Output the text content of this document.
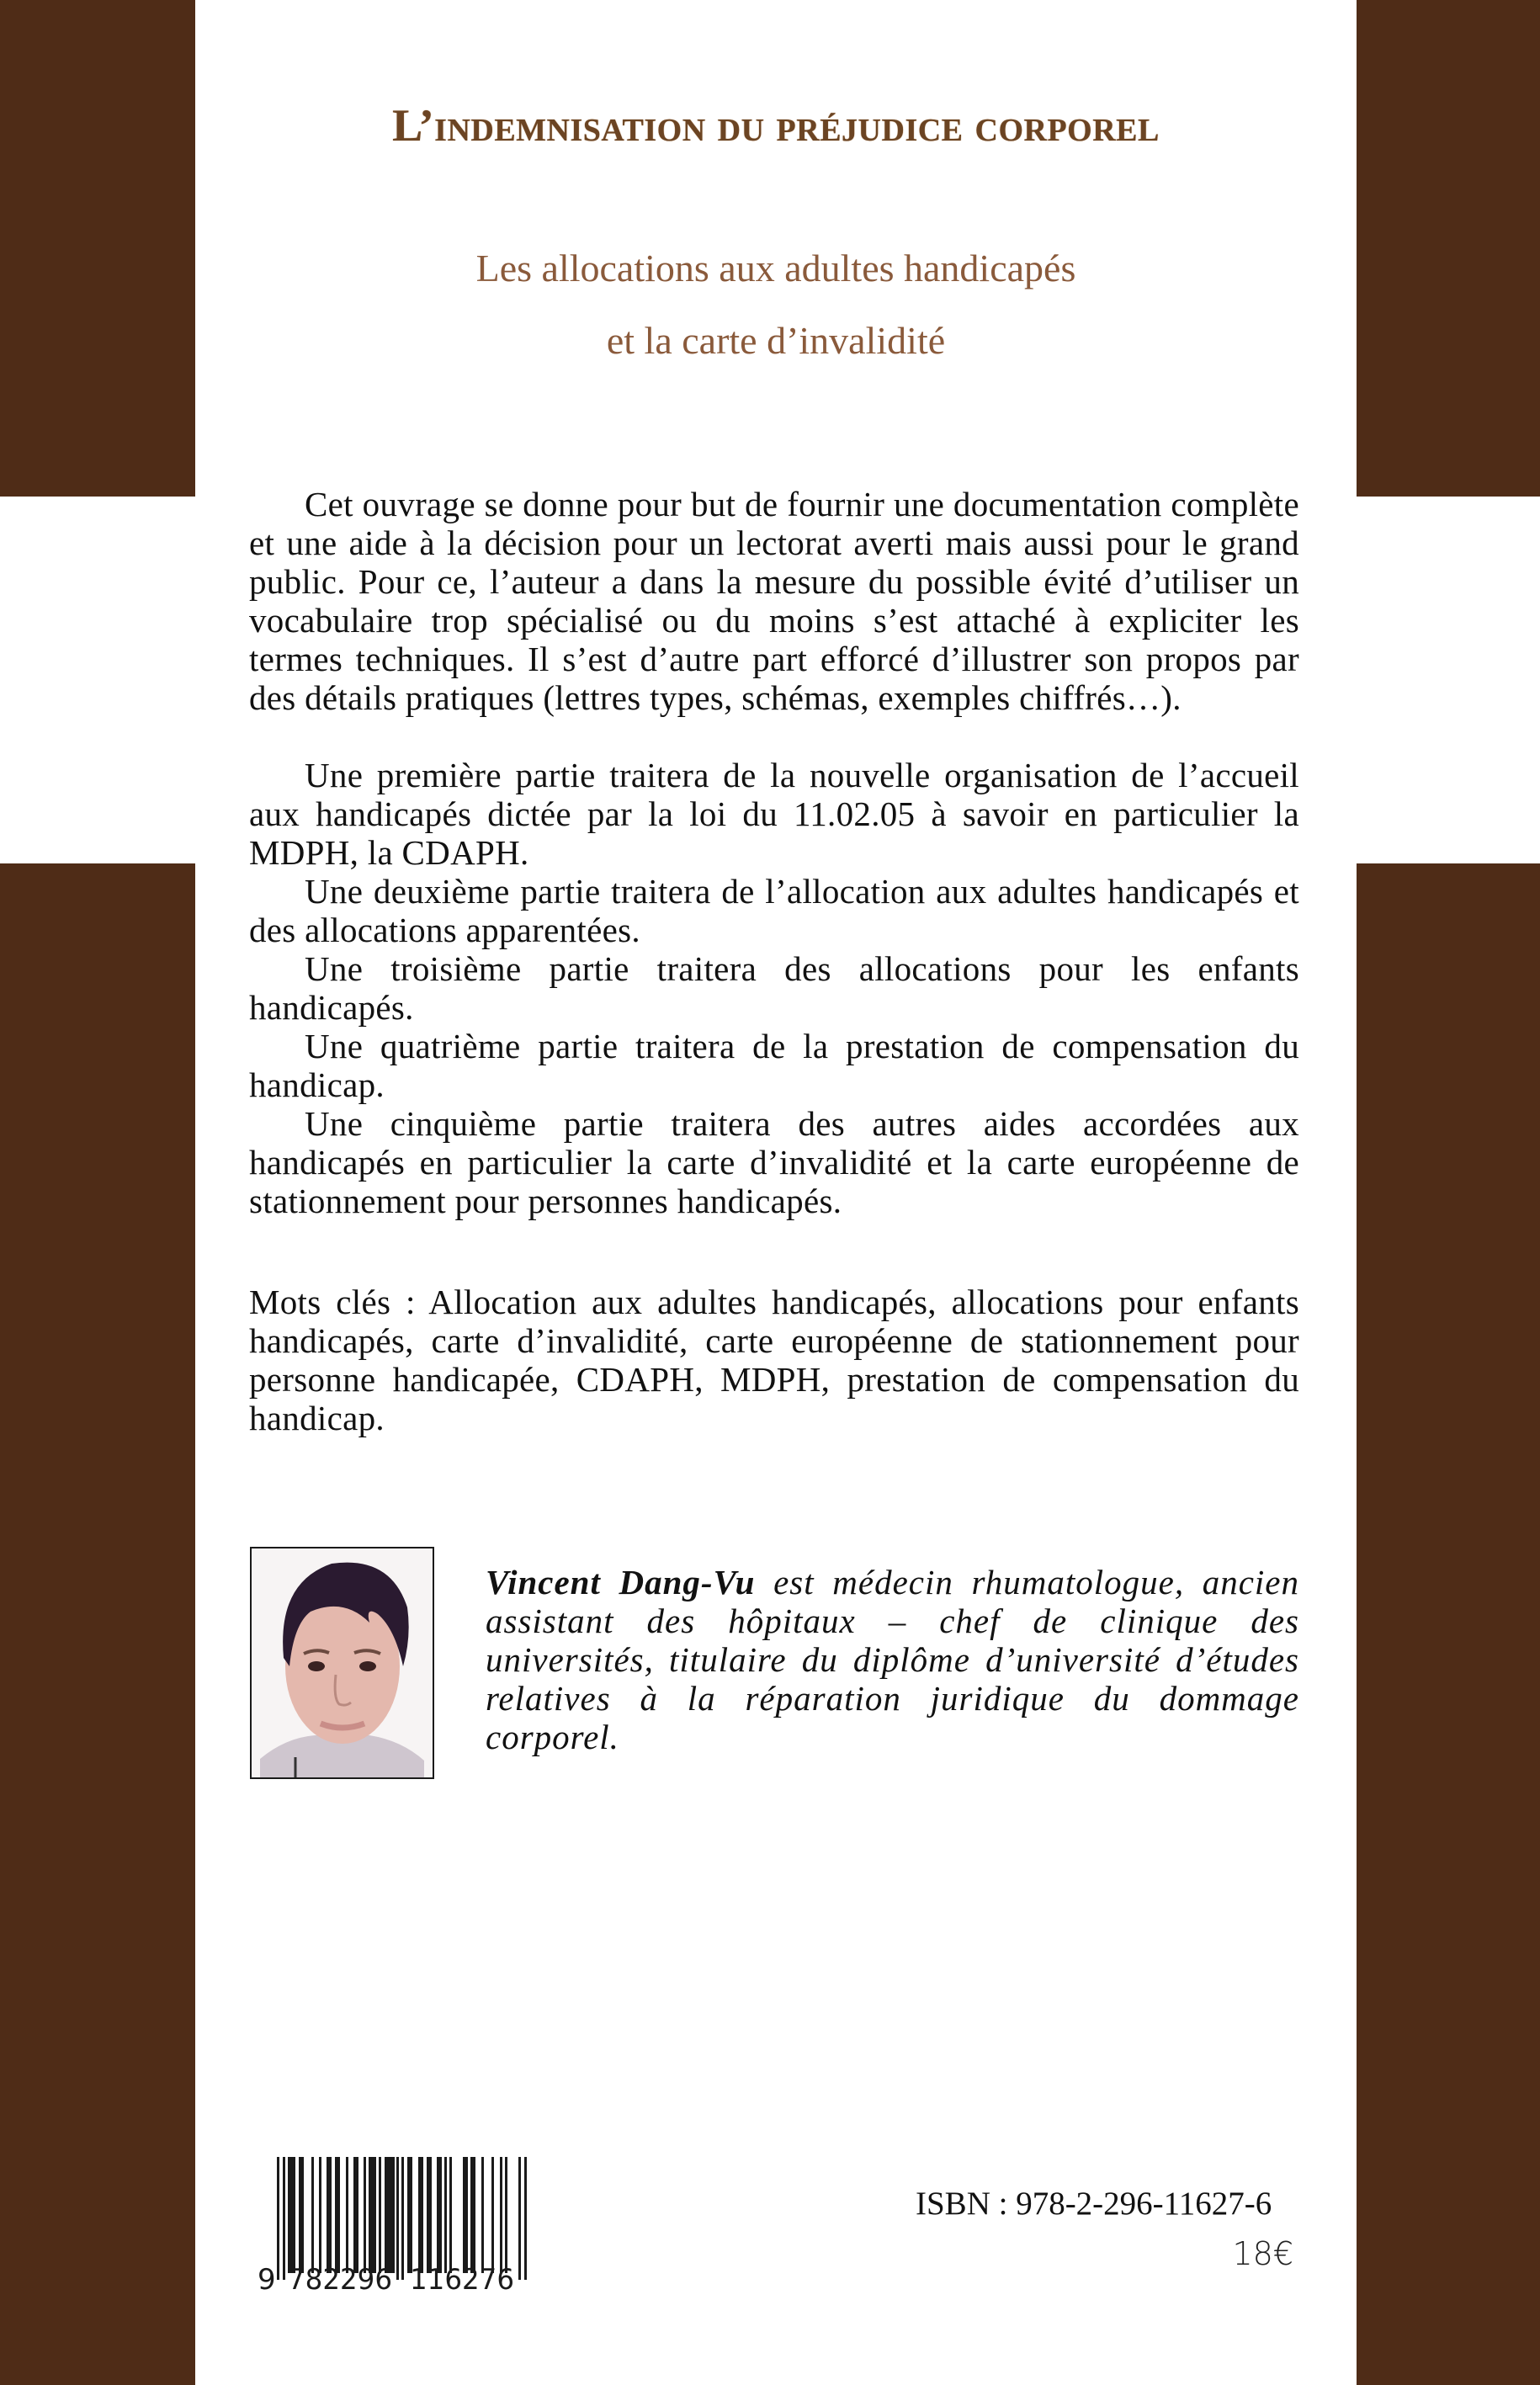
L’indemnisation du préjudice corporel
Les allocations aux adultes handicapés
et la carte d’invalidité

Cet ouvrage se donne pour but de fournir une documentation complète et une aide à la décision pour un lectorat averti mais aussi pour le grand public. Pour ce, l’auteur a dans la mesure du possible évité d’utiliser un vocabulaire trop spécialisé ou du moins s’est attaché à expliciter les termes techniques. Il s’est d’autre part efforcé d’illustrer son propos par des détails pratiques (lettres types, schémas, exemples chiffrés…).

Une première partie traitera de la nouvelle organisation de l’accueil aux handicapés dictée par la loi du 11.02.05 à savoir en particulier la MDPH, la CDAPH.

Une deuxième partie traitera de l’allocation aux adultes handicapés et des allocations apparentées.

Une troisième partie traitera des allocations pour les enfants handicapés.

Une quatrième partie traitera de la prestation de compensation du handicap.

Une cinquième partie traitera des autres aides accordées aux handicapés en particulier la carte d’invalidité et la carte européenne de stationnement pour personnes handicapés.

Mots clés : Allocation aux adultes handicapés, allocations pour enfants handicapés, carte d’invalidité, carte européenne de stationnement pour personne handicapée, CDAPH, MDPH, prestation de compensation du handicap.

Vincent Dang-Vu est médecin rhumatologue, ancien assistant des hôpitaux – chef de clinique des universités, titulaire du diplôme d’université d’études relatives à la réparation juridique du dommage corporel.

9 782296 116276
ISBN : 978-2-296-11627-6
18€
